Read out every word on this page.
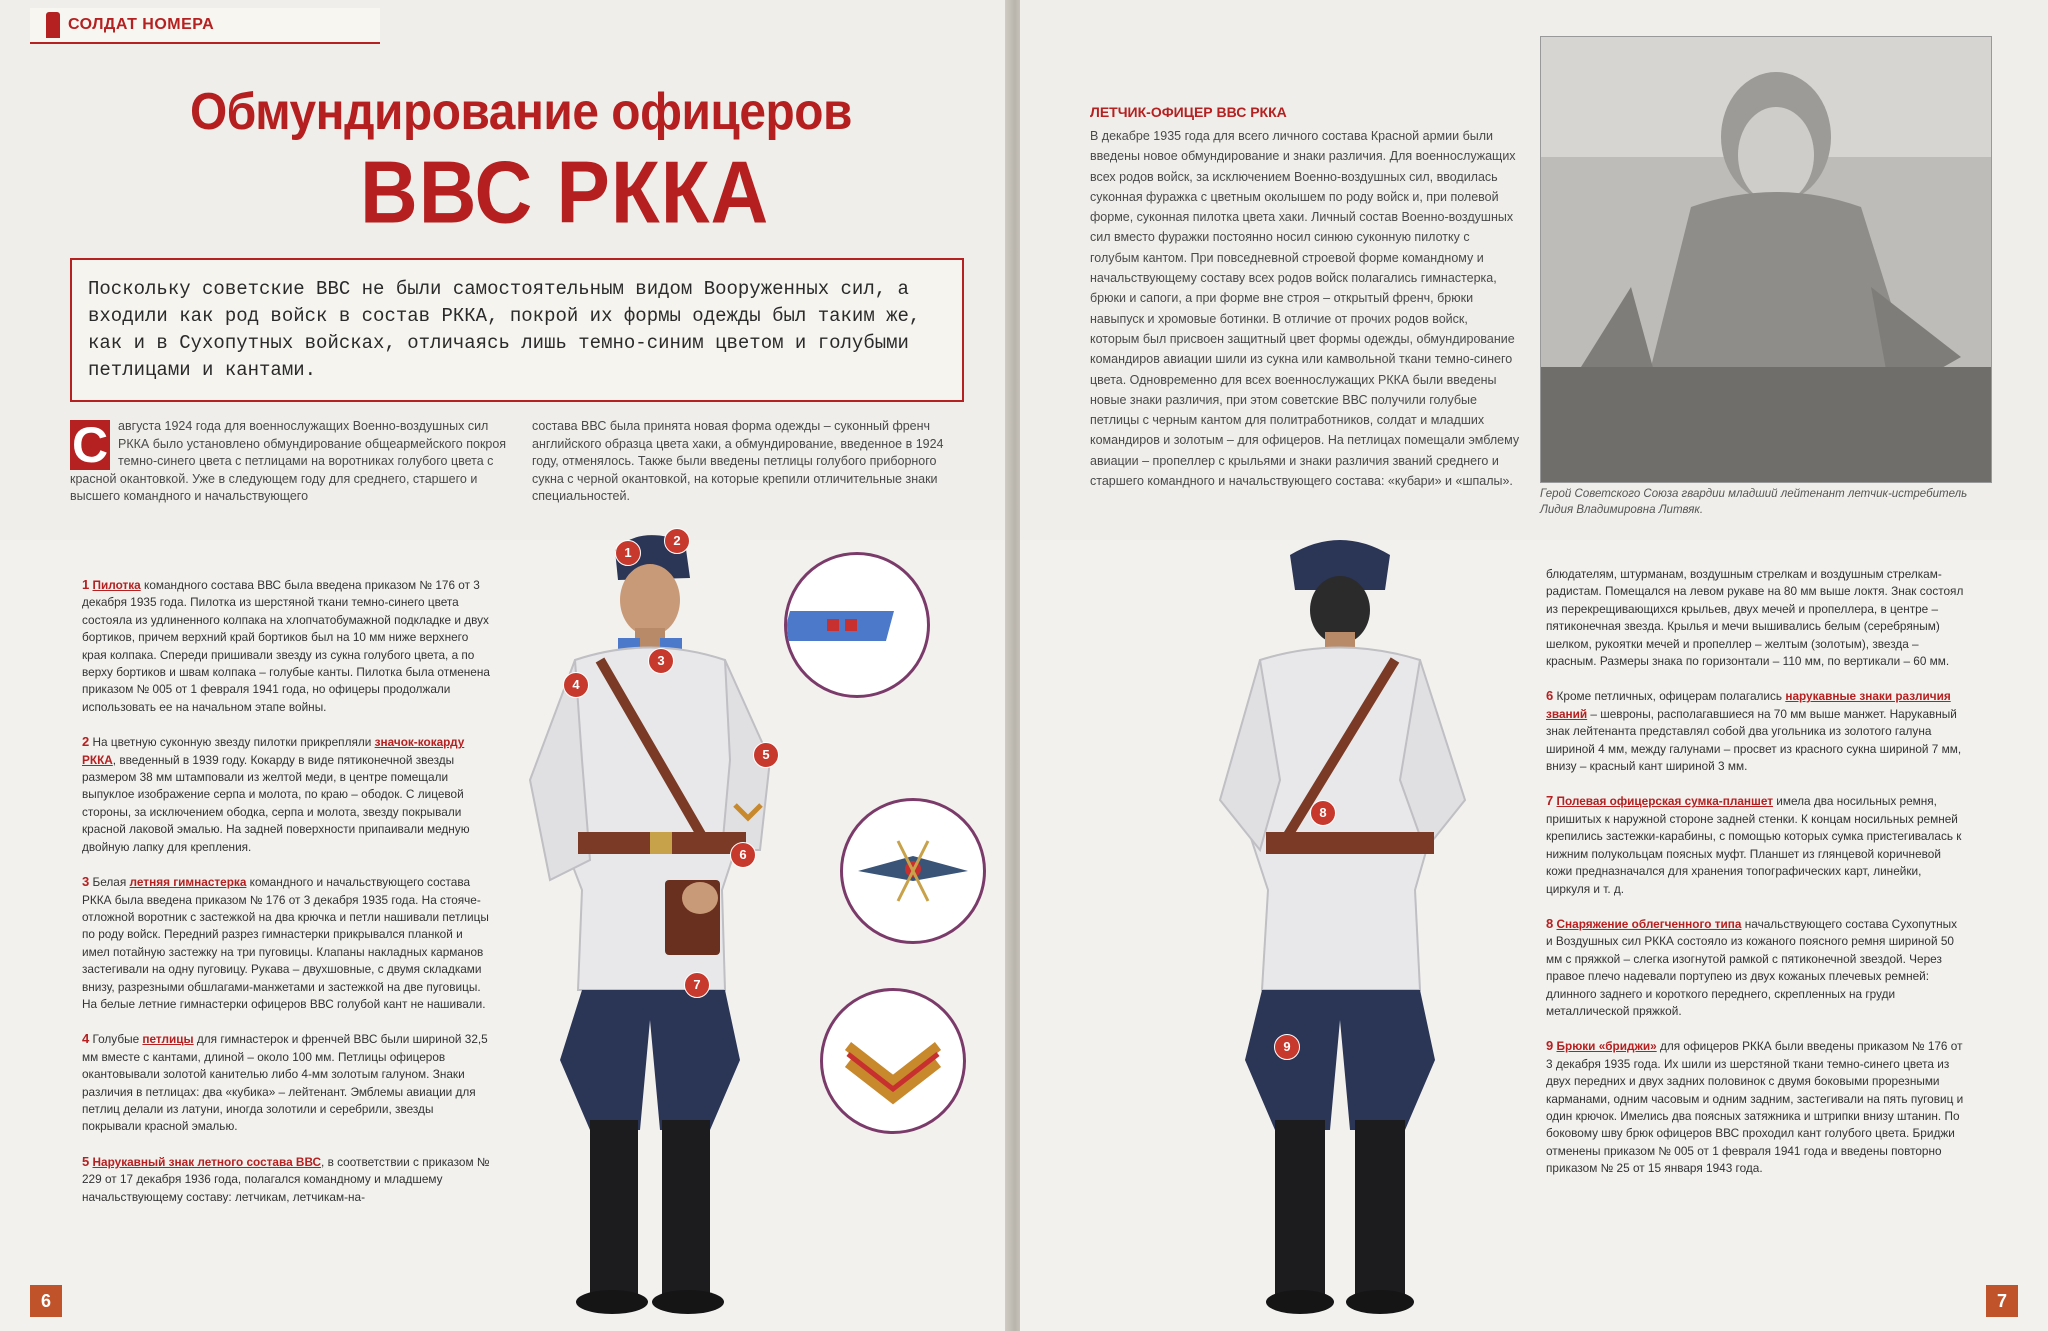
СОЛДАТ НОМЕРА
Обмундирование офицеров
ВВС РККА

Поскольку советские ВВС не были самостоятельным видом Вооруженных сил, а входили как род войск в состав РККА, покрой их формы одежды был таким же, как и в Сухопутных войсках, отличаясь лишь темно-синим цветом и голубыми петлицами и кантами.

С августа 1924 года для военнослужащих Военно-воздушных сил РККА было установлено обмундирование общеармейского покроя темно-синего цвета с петлицами на воротниках голубого цвета с красной окантовкой. Уже в следующем году для среднего, старшего и высшего командного и начальствующего
состава ВВС была принята новая форма одежды – суконный френч английского образца цвета хаки, а обмундирование, введенное в 1924 году, отменялось. Также были введены петлицы голубого приборного сукна с черной окантовкой, на которые крепили отличительные знаки специальностей.
1
2
3
4
5
6
7
1 Пилотка командного состава ВВС была введена приказом № 176 от 3 декабря 1935 года. Пилотка из шерстяной ткани темно-синего цвета состояла из удлиненного колпака на хлопчатобумажной подкладке и двух бортиков, причем верхний край бортиков был на 10 мм ниже верхнего края колпака. Спереди пришивали звезду из сукна голубого цвета, а по верху бортиков и швам колпака – голубые канты. Пилотка была отменена приказом № 005 от 1 февраля 1941 года, но офицеры продолжали использовать ее на начальном этапе войны.
2 На цветную суконную звезду пилотки прикрепляли значок-кокарду РККА, введенный в 1939 году. Кокарду в виде пятиконечной звезды размером 38 мм штамповали из желтой меди, в центре помещали выпуклое изображение серпа и молота, по краю – ободок. С лицевой стороны, за исключением ободка, серпа и молота, звезду покрывали красной лаковой эмалью. На задней поверхности припаивали медную двойную лапку для крепления.
3 Белая летняя гимнастерка командного и начальствующего состава РККА была введена приказом № 176 от 3 декабря 1935 года. На стояче-отложной воротник с застежкой на два крючка и петли нашивали петлицы по роду войск. Передний разрез гимнастерки прикрывался планкой и имел потайную застежку на три пуговицы. Клапаны накладных карманов застегивали на одну пуговицу. Рукава – двухшовные, с двумя складками внизу, разрезными обшлагами-манжетами и застежкой на две пуговицы. На белые летние гимнастерки офицеров ВВС голубой кант не нашивали.
4 Голубые петлицы для гимнастерок и френчей ВВС были шириной 32,5 мм вместе с кантами, длиной – около 100 мм. Петлицы офицеров окантовывали золотой канителью либо 4-мм золотым галуном. Знаки различия в петлицах: два «кубика» – лейтенант. Эмблемы авиации для петлиц делали из латуни, иногда золотили и серебрили, звезды покрывали красной эмалью.
5 Нарукавный знак летного состава ВВС, в соответствии с приказом № 229 от 17 декабря 1936 года, полагался командному и младшему начальствующему составу: летчикам, летчикам-на-
6
ЛЕТЧИК-ОФИЦЕР ВВС РККА
В декабре 1935 года для всего личного состава Красной армии были введены новое обмундирование и знаки различия. Для военнослужащих всех родов войск, за исключением Военно-воздушных сил, вводилась суконная фуражка с цветным околышем по роду войск и, при полевой форме, суконная пилотка цвета хаки. Личный состав Военно-воздушных сил вместо фуражки постоянно носил синюю суконную пилотку с голубым кантом. При повседневной строевой форме командному и начальствующему составу всех родов войск полагались гимнастерка, брюки и сапоги, а при форме вне строя – открытый френч, брюки навыпуск и хромовые ботинки. В отличие от прочих родов войск, которым был присвоен защитный цвет формы одежды, обмундирование командиров авиации шили из сукна или камвольной ткани темно-синего цвета. Одновременно для всех военнослужащих РККА были введены новые знаки различия, при этом советские ВВС получили голубые петлицы с черным кантом для политработников, солдат и младших командиров и золотым – для офицеров. На петлицах помещали эмблему авиации – пропеллер с крыльями и знаки различия званий среднего и старшего командного и начальствующего состава: «кубари» и «шпалы».
Герой Советского Союза гвардии младший лейтенант летчик-истребитель Лидия Владимировна Литвяк.
8
9
блюдателям, штурманам, воздушным стрелкам и воздушным стрелкам-радистам. Помещался на левом рукаве на 80 мм выше локтя. Знак состоял из перекрещивающихся крыльев, двух мечей и пропеллера, в центре – пятиконечная звезда. Крылья и мечи вышивались белым (серебряным) шелком, рукоятки мечей и пропеллер – желтым (золотым), звезда – красным. Размеры знака по горизонтали – 110 мм, по вертикали – 60 мм.
6 Кроме петличных, офицерам полагались нарукавные знаки различия званий – шевроны, располагавшиеся на 70 мм выше манжет. Нарукавный знак лейтенанта представлял собой два угольника из золотого галуна шириной 4 мм, между галунами – просвет из красного сукна шириной 7 мм, внизу – красный кант шириной 3 мм.
7 Полевая офицерская сумка-планшет имела два носильных ремня, пришитых к наружной стороне задней стенки. К концам носильных ремней крепились застежки-карабины, с помощью которых сумка пристегивалась к нижним полукольцам поясных муфт. Планшет из глянцевой коричневой кожи предназначался для хранения топографических карт, линейки, циркуля и т. д.
8 Снаряжение облегченного типа начальствующего состава Сухопутных и Воздушных сил РККА состояло из кожаного поясного ремня шириной 50 мм с пряжкой – слегка изогнутой рамкой с пятиконечной звездой. Через правое плечо надевали портупею из двух кожаных плечевых ремней: длинного заднего и короткого переднего, скрепленных на груди металлической пряжкой.
9 Брюки «бриджи» для офицеров РККА были введены приказом № 176 от 3 декабря 1935 года. Их шили из шерстяной ткани темно-синего цвета из двух передних и двух задних половинок с двумя боковыми прорезными карманами, одним часовым и одним задним, застегивали на пять пуговиц и один крючок. Имелись два поясных затяжника и штрипки внизу штанин. По боковому шву брюк офицеров ВВС проходил кант голубого цвета. Бриджи отменены приказом № 005 от 1 февраля 1941 года и введены повторно приказом № 25 от 15 января 1943 года.
7
